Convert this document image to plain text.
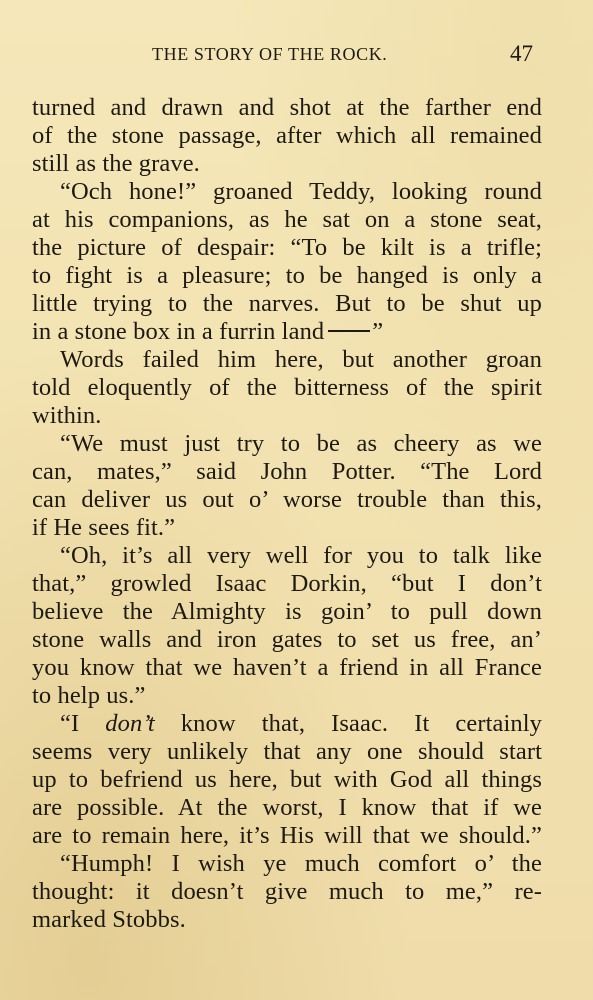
THE STORY OF THE ROCK.	47
turned and drawn and shot at the farther end
of the stone passage, after which all remained
still as the grave.
“Och hone!” groaned Teddy, looking round
at his companions, as he sat on a stone seat,
the picture of despair: “To be kilt is a trifle;
to fight is a pleasure; to be hanged is only a
little trying to the narves. But to be shut up
in a stone box in a furrin land ”
Words failed him here, but another groan
told eloquently of the bitterness of the spirit
within.
“We must just try to be as cheery as we
can, mates,” said John Potter. “The Lord
can deliver us out o’ worse trouble than this,
if He sees fit.”
“Oh, it’s all very well for you to talk like
that,” growled Isaac Dorkin, “but I don’t
believe the Almighty is goin’ to pull down
stone walls and iron gates to set us free, an’
you know that we haven’t a friend in all France
to help us.”
“I don’t know that, Isaac. It certainly
seems very unlikely that any one should start
up to befriend us here, but with God all things
are possible. At the worst, I know that if we
are to remain here, it’s His will that we should.”
“Humph! I wish ye much comfort o’ the
thought: it doesn’t give much to me,” re-
marked Stobbs.
